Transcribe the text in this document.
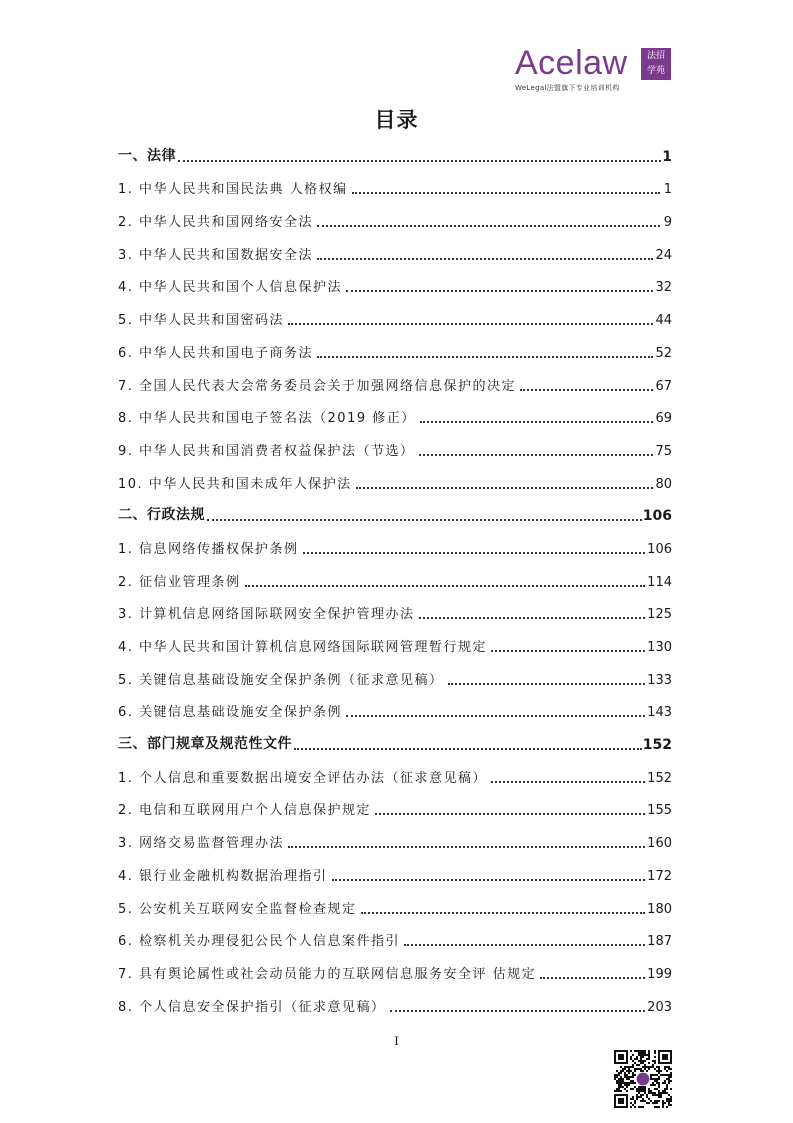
Acelaw	法招
学苑
WeLegal法盟旗下专业培训机构
目录
一、法律	1
1. 中华人民共和国民法典 人格权编	1
2. 中华人民共和国网络安全法	9
3. 中华人民共和国数据安全法	24
4. 中华人民共和国个人信息保护法	32
5. 中华人民共和国密码法	44
6. 中华人民共和国电子商务法	52
7. 全国人民代表大会常务委员会关于加强网络信息保护的决定	67
8. 中华人民共和国电子签名法（2019 修正）	69
9. 中华人民共和国消费者权益保护法（节选）	75
10. 中华人民共和国未成年人保护法	80
二、行政法规	106
1. 信息网络传播权保护条例	106
2. 征信业管理条例	114
3. 计算机信息网络国际联网安全保护管理办法	125
4. 中华人民共和国计算机信息网络国际联网管理暂行规定	130
5. 关键信息基础设施安全保护条例（征求意见稿）	133
6. 关键信息基础设施安全保护条例	143
三、部门规章及规范性文件	152
1. 个人信息和重要数据出境安全评估办法（征求意见稿）	152
2. 电信和互联网用户个人信息保护规定	155
3. 网络交易监督管理办法	160
4. 银行业金融机构数据治理指引	172
5. 公安机关互联网安全监督检查规定	180
6. 检察机关办理侵犯公民个人信息案件指引	187
7. 具有舆论属性或社会动员能力的互联网信息服务安全评 估规定	199
8. 个人信息安全保护指引（征求意见稿）	203
I
